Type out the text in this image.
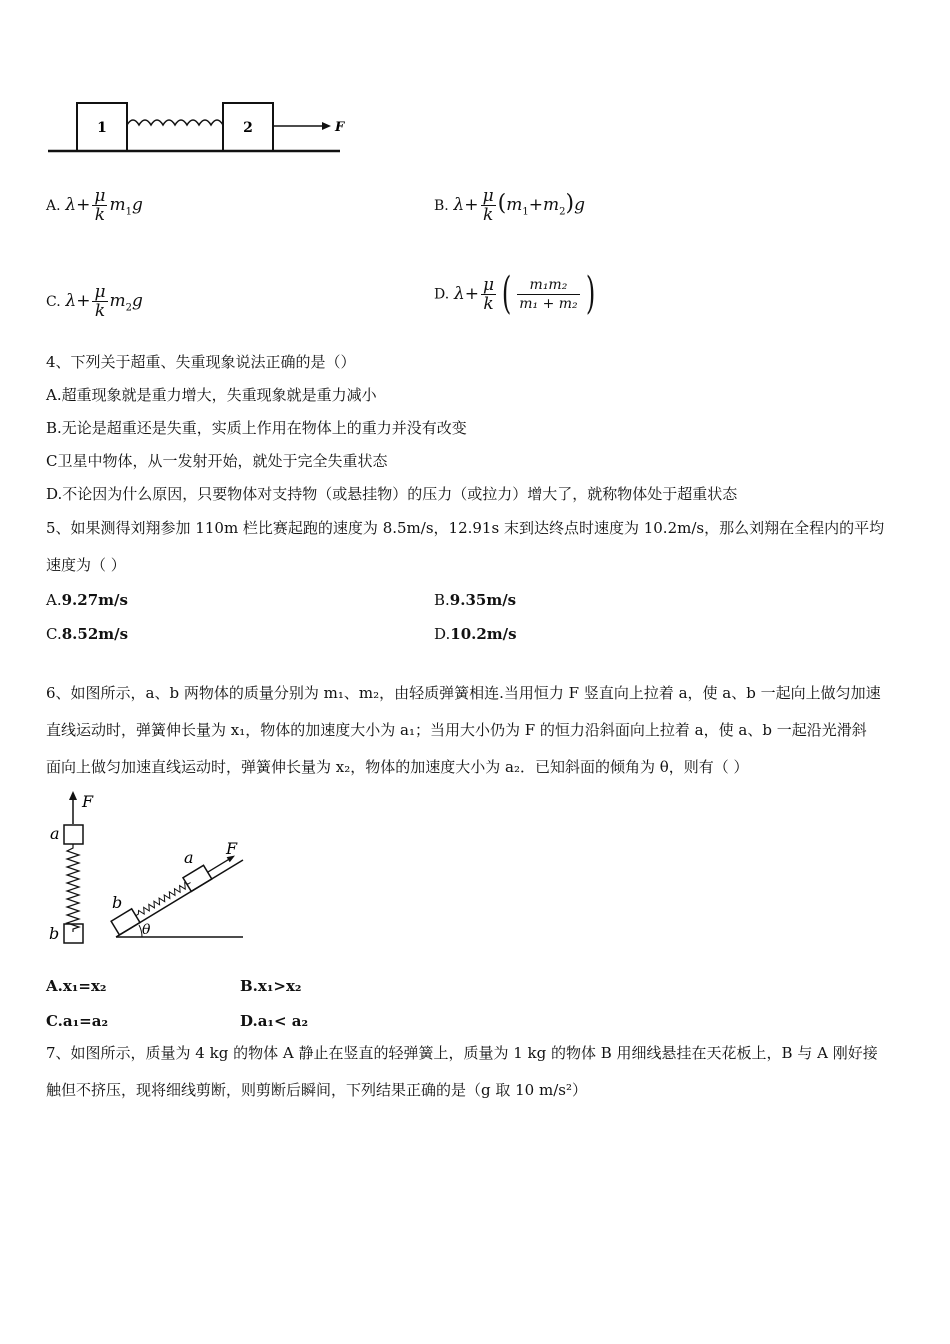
1	2	F
A. $\lambda+ \frac{\mu}{k} m_1g$	B. $\lambda+ \frac{\mu}{k} (m_1+m_2)g$
C. $\lambda+ \frac{\mu}{k} m_2g$	D. $\lambda+ \frac{\mu}{k}$ ( $\frac{\text{m₁m₂}}{\text{m₁ + m₂}}$ )
4、下列关于超重、失重现象说法正确的是（）
A.超重现象就是重力增大，失重现象就是重力减小
B.无论是超重还是失重，实质上作用在物体上的重力并没有改变
C卫星中物体，从一发射开始，就处于完全失重状态
D.不论因为什么原因，只要物体对支持物（或悬挂物）的压力（或拉力）增大了，就称物体处于超重状态
5、如果测得刘翔参加 110m 栏比赛起跑的速度为 8.5m/s，12.91s 末到达终点时速度为 10.2m/s，那么刘翔在全程内的平均
速度为（ ）
A.9.27m/s	B.9.35m/s
C.8.52m/s	D.10.2m/s
6、如图所示，a、b 两物体的质量分别为 m₁、m₂，由轻质弹簧相连.当用恒力 F 竖直向上拉着 a，使 a、b 一起向上做匀加速
直线运动时，弹簧伸长量为 x₁，物体的加速度大小为 a₁；当用大小仍为 F 的恒力沿斜面向上拉着 a，使 a、b 一起沿光滑斜
面向上做匀加速直线运动时，弹簧伸长量为 x₂，物体的加速度大小为 a₂．已知斜面的倾角为 θ，则有（ ）
F
a
b	θ
b
a F
A.x₁=x₂	B.x₁>x₂
C.a₁=a₂	D.a₁< a₂
7、如图所示，质量为 4 kg 的物体 A 静止在竖直的轻弹簧上，质量为 1 kg 的物体 B 用细线悬挂在天花板上，B 与 A 刚好接
触但不挤压，现将细线剪断，则剪断后瞬间，下列结果正确的是（g 取 10 m/s²）
